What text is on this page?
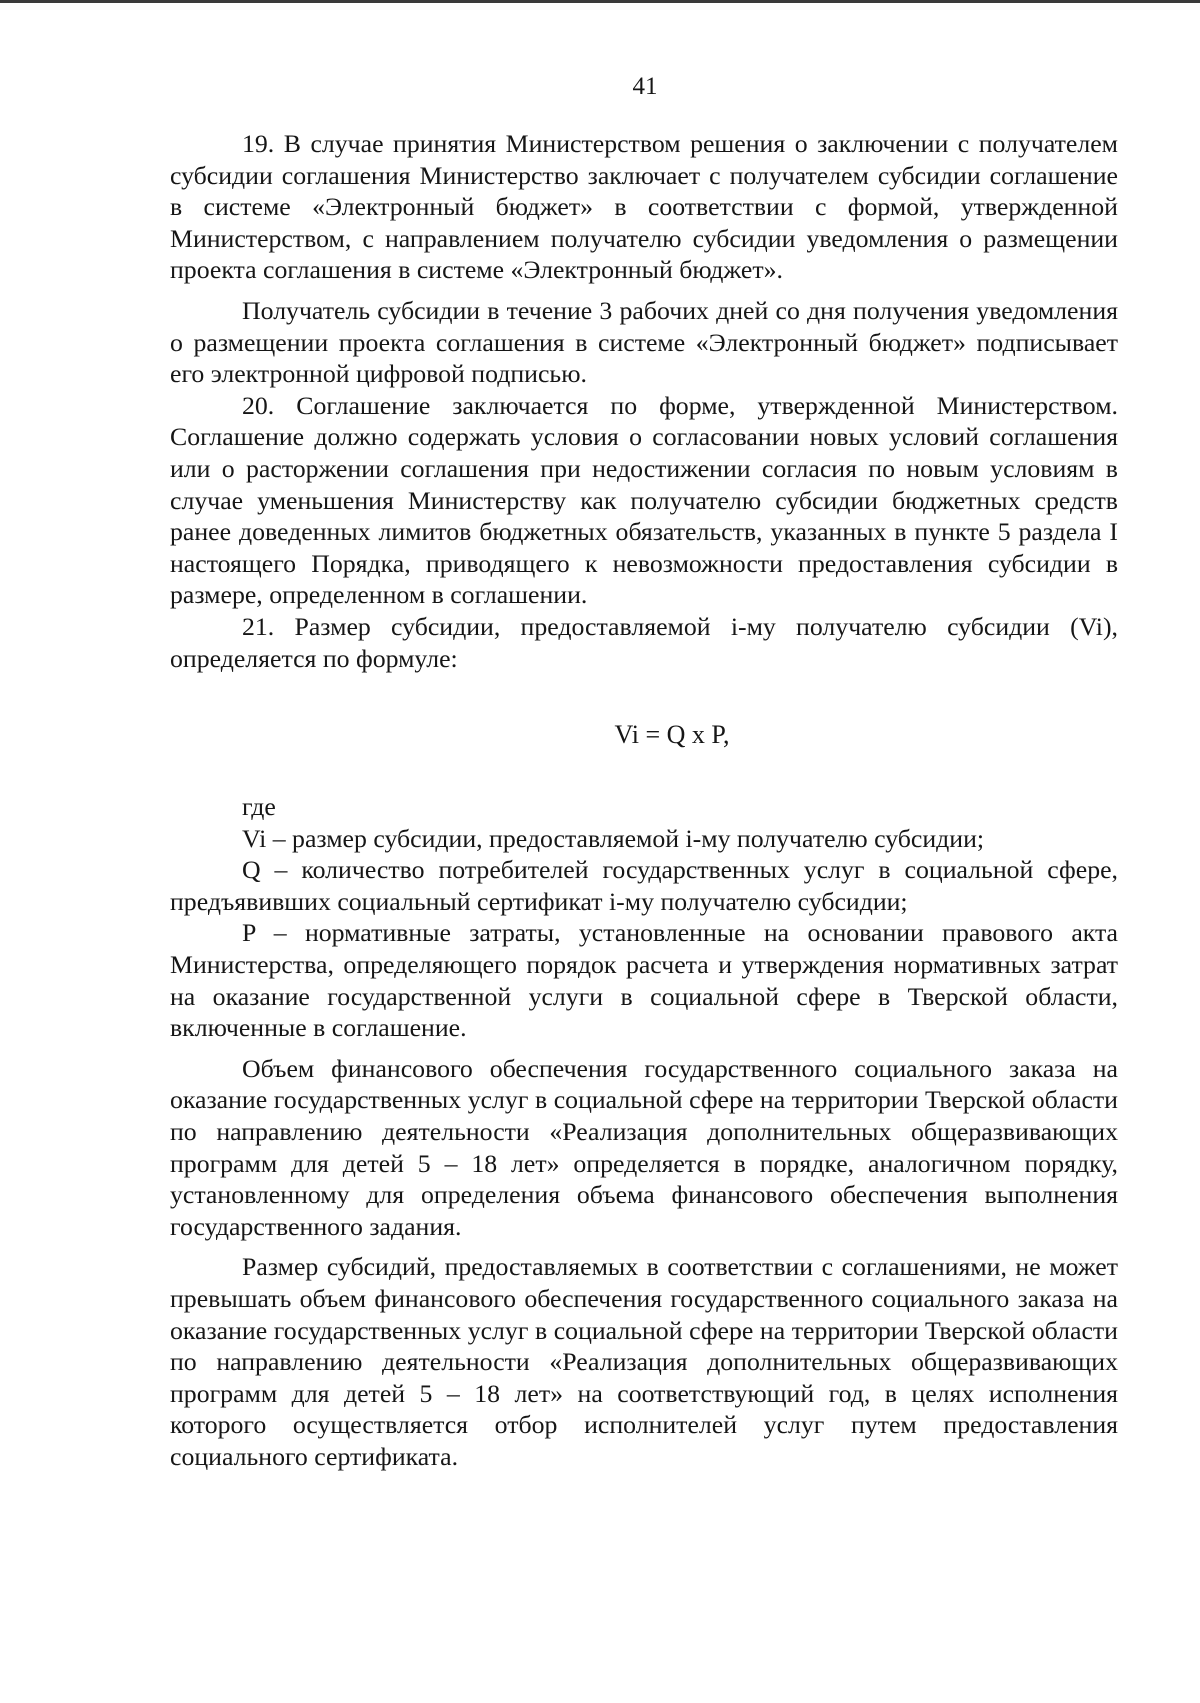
41

19. В случае принятия Министерством решения о заключении с получателем субсидии соглашения Министерство заключает с получателем субсидии соглашение в системе «Электронный бюджет» в соответствии с формой, утвержденной Министерством, с направлением получателю субсидии уведомления о размещении проекта соглашения в системе «Электронный бюджет».

Получатель субсидии в течение 3 рабочих дней со дня получения уведомления о размещении проекта соглашения в системе «Электронный бюджет» подписывает его электронной цифровой подписью.

20. Соглашение заключается по форме, утвержденной Министерством. Соглашение должно содержать условия о согласовании новых условий соглашения или о расторжении соглашения при недостижении согласия по новым условиям в случае уменьшения Министерству как получателю субсидии бюджетных средств ранее доведенных лимитов бюджетных обязательств, указанных в пункте 5 раздела I настоящего Порядка, приводящего к невозможности предоставления субсидии в размере, определенном в соглашении.

21. Размер субсидии, предоставляемой i-му получателю субсидии (Vi), определяется по формуле:

Vi = Q x P,

где

Vi – размер субсидии, предоставляемой i-му получателю субсидии;

Q – количество потребителей государственных услуг в социальной сфере, предъявивших социальный сертификат i-му получателю субсидии;

P – нормативные затраты, установленные на основании правового акта Министерства, определяющего порядок расчета и утверждения нормативных затрат на оказание государственной услуги в социальной сфере в Тверской области, включенные в соглашение.

Объем финансового обеспечения государственного социального заказа на оказание государственных услуг в социальной сфере на территории Тверской области по направлению деятельности «Реализация дополнительных общеразвивающих программ для детей 5 – 18 лет» определяется в порядке, аналогичном порядку, установленному для определения объема финансового обеспечения выполнения государственного задания.

Размер субсидий, предоставляемых в соответствии с соглашениями, не может превышать объем финансового обеспечения государственного социального заказа на оказание государственных услуг в социальной сфере на территории Тверской области по направлению деятельности «Реализация дополнительных общеразвивающих программ для детей 5 – 18 лет» на соответствующий год, в целях исполнения которого осуществляется отбор исполнителей услуг путем предоставления социального сертификата.
